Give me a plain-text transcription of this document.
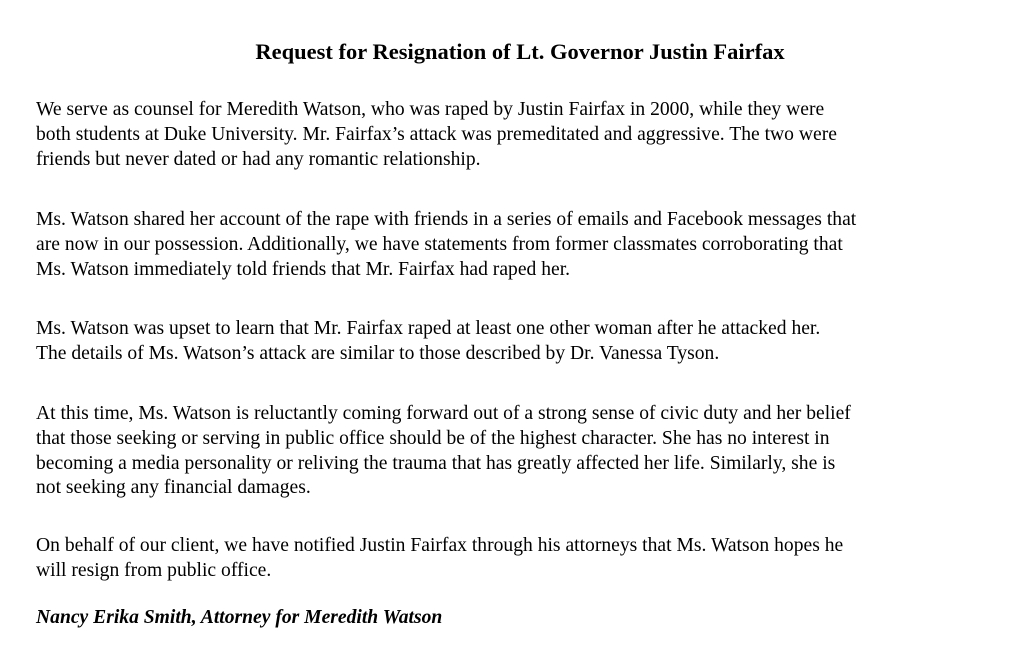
Request for Resignation of Lt. Governor Justin Fairfax

We serve as counsel for Meredith Watson, who was raped by Justin Fairfax in 2000, while they were
both students at Duke University. Mr. Fairfax’s attack was premeditated and aggressive. The two were
friends but never dated or had any romantic relationship.

Ms. Watson shared her account of the rape with friends in a series of emails and Facebook messages that
are now in our possession. Additionally, we have statements from former classmates corroborating that
Ms. Watson immediately told friends that Mr. Fairfax had raped her.

Ms. Watson was upset to learn that Mr. Fairfax raped at least one other woman after he attacked her.
The details of Ms. Watson’s attack are similar to those described by Dr. Vanessa Tyson.

At this time, Ms. Watson is reluctantly coming forward out of a strong sense of civic duty and her belief
that those seeking or serving in public office should be of the highest character. She has no interest in
becoming a media personality or reliving the trauma that has greatly affected her life. Similarly, she is
not seeking any financial damages.

On behalf of our client, we have notified Justin Fairfax through his attorneys that Ms. Watson hopes he
will resign from public office.

Nancy Erika Smith, Attorney for Meredith Watson
